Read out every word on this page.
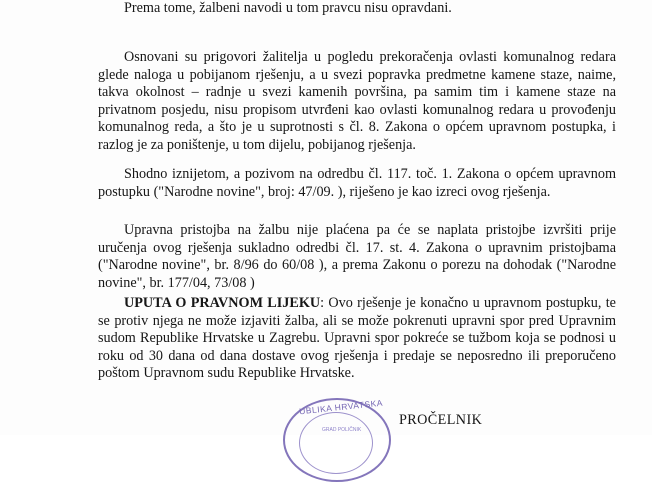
Prema tome, žalbeni navodi u tom pravcu nisu opravdani.

Osnovani su prigovori žalitelja u pogledu prekoračenja ovlasti komunalnog redara glede naloga u pobijanom rješenju, a u svezi popravka predmetne kamene staze, naime, takva okolnost – radnje u svezi kamenih površina, pa samim tim i kamene staze na privatnom posjedu, nisu propisom utvrđeni kao ovlasti komunalnog redara u provođenju komunalnog reda, a što je u suprotnosti s čl. 8. Zakona o općem upravnom postupka, i razlog je za poništenje, u tom dijelu, pobijanog rješenja.

Shodno iznijetom, a pozivom na odredbu čl. 117. toč. 1. Zakona o općem upravnom postupku ("Narodne novine", broj: 47/09. ), riješeno je kao izreci ovog rješenja.

Upravna pristojba na žalbu nije plaćena pa će se naplata pristojbe izvršiti prije uručenja ovog rješenja sukladno odredbi čl. 17. st. 4. Zakona o upravnim pristojbama ("Narodne novine", br. 8/96 do 60/08 ), a prema Zakonu o porezu na dohodak ("Narodne novine", br. 177/04, 73/08 )

UPUTA O PRAVNOM LIJEKU: Ovo rješenje je konačno u upravnom postupku, te se protiv njega ne može izjaviti žalba, ali se može pokrenuti upravni spor pred Upravnim sudom Republike Hrvatske u Zagrebu. Upravni spor pokreće se tužbom koja se podnosi u roku od 30 dana od dana dostave ovog rješenja i predaje se neposredno ili preporučeno poštom Upravnom sudu Republike Hrvatske.

UBLIKA HRVATSKA
GRAD POLIČNIK
PROČELNIK
